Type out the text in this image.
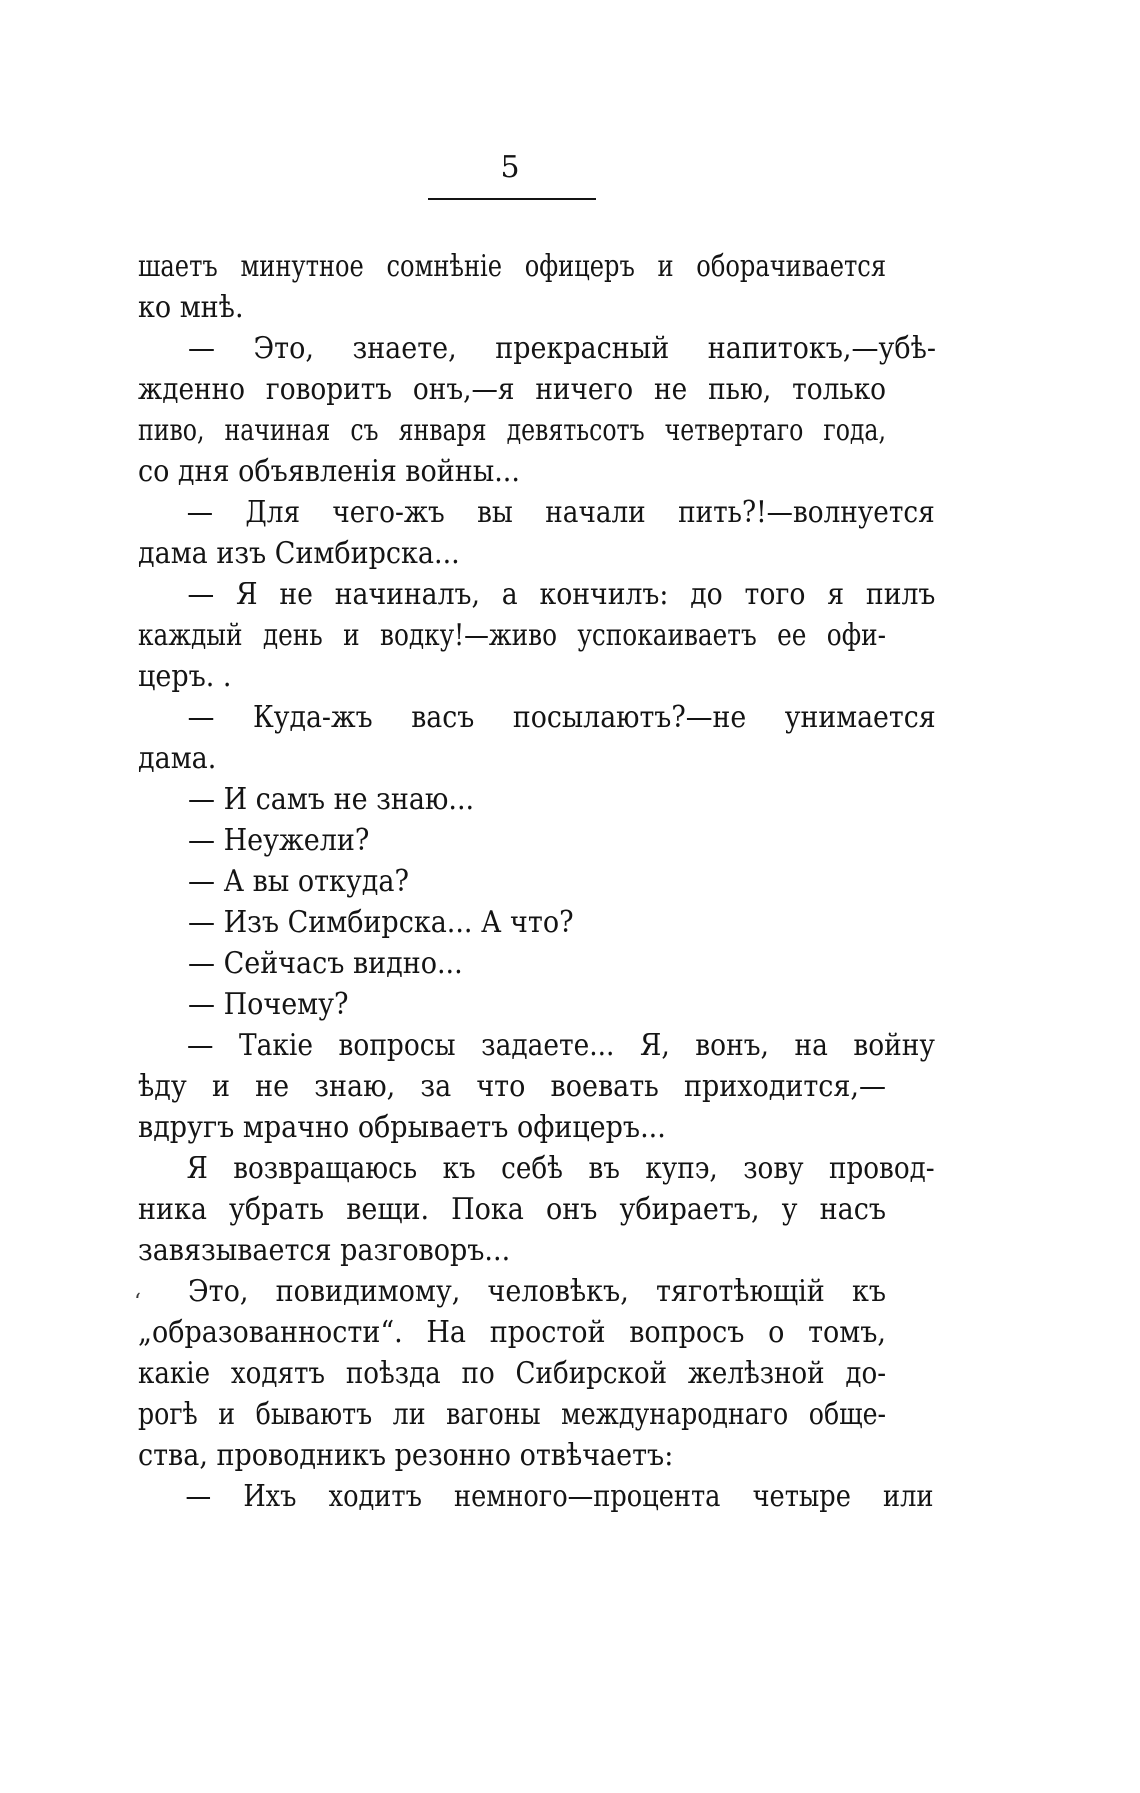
5
ʻ
шаетъ минутное сомнѣніе офицеръ и оборачивается
ко мнѣ.
— Это, знаете, прекрасный напитокъ,—убѣ-
жденно говоритъ онъ,—я ничего не пью, только
пиво, начиная съ января девятьсотъ четвертаго года,
со дня объявленія войны...
— Для чего-жъ вы начали пить?!—волнуется
дама изъ Симбирска...
— Я не начиналъ, а кончилъ: до того я пилъ
каждый день и водку!—живо успокаиваетъ ее офи-
церъ. .
— Куда-жъ васъ посылаютъ?—не унимается
дама.
— И самъ не знаю...
— Неужели?
— А вы откуда?
— Изъ Симбирска... А что?
— Сейчасъ видно...
— Почему?
— Такіе вопросы задаете... Я, вонъ, на войну
ѣду и не знаю, за что воевать приходится,—
вдругъ мрачно обрываетъ офицеръ...
Я возвращаюсь къ себѣ въ купэ, зову провод-
ника убрать вещи. Пока онъ убираетъ, у насъ
завязывается разговоръ...
Это, повидимому, человѣкъ, тяготѣющій къ
„образованности“. На простой вопросъ о томъ,
какіе ходятъ поѣзда по Сибирской желѣзной до-
рогѣ и бываютъ ли вагоны международнаго обще-
ства, проводникъ резонно отвѣчаетъ:
— Ихъ ходитъ немного—процента четыре или
